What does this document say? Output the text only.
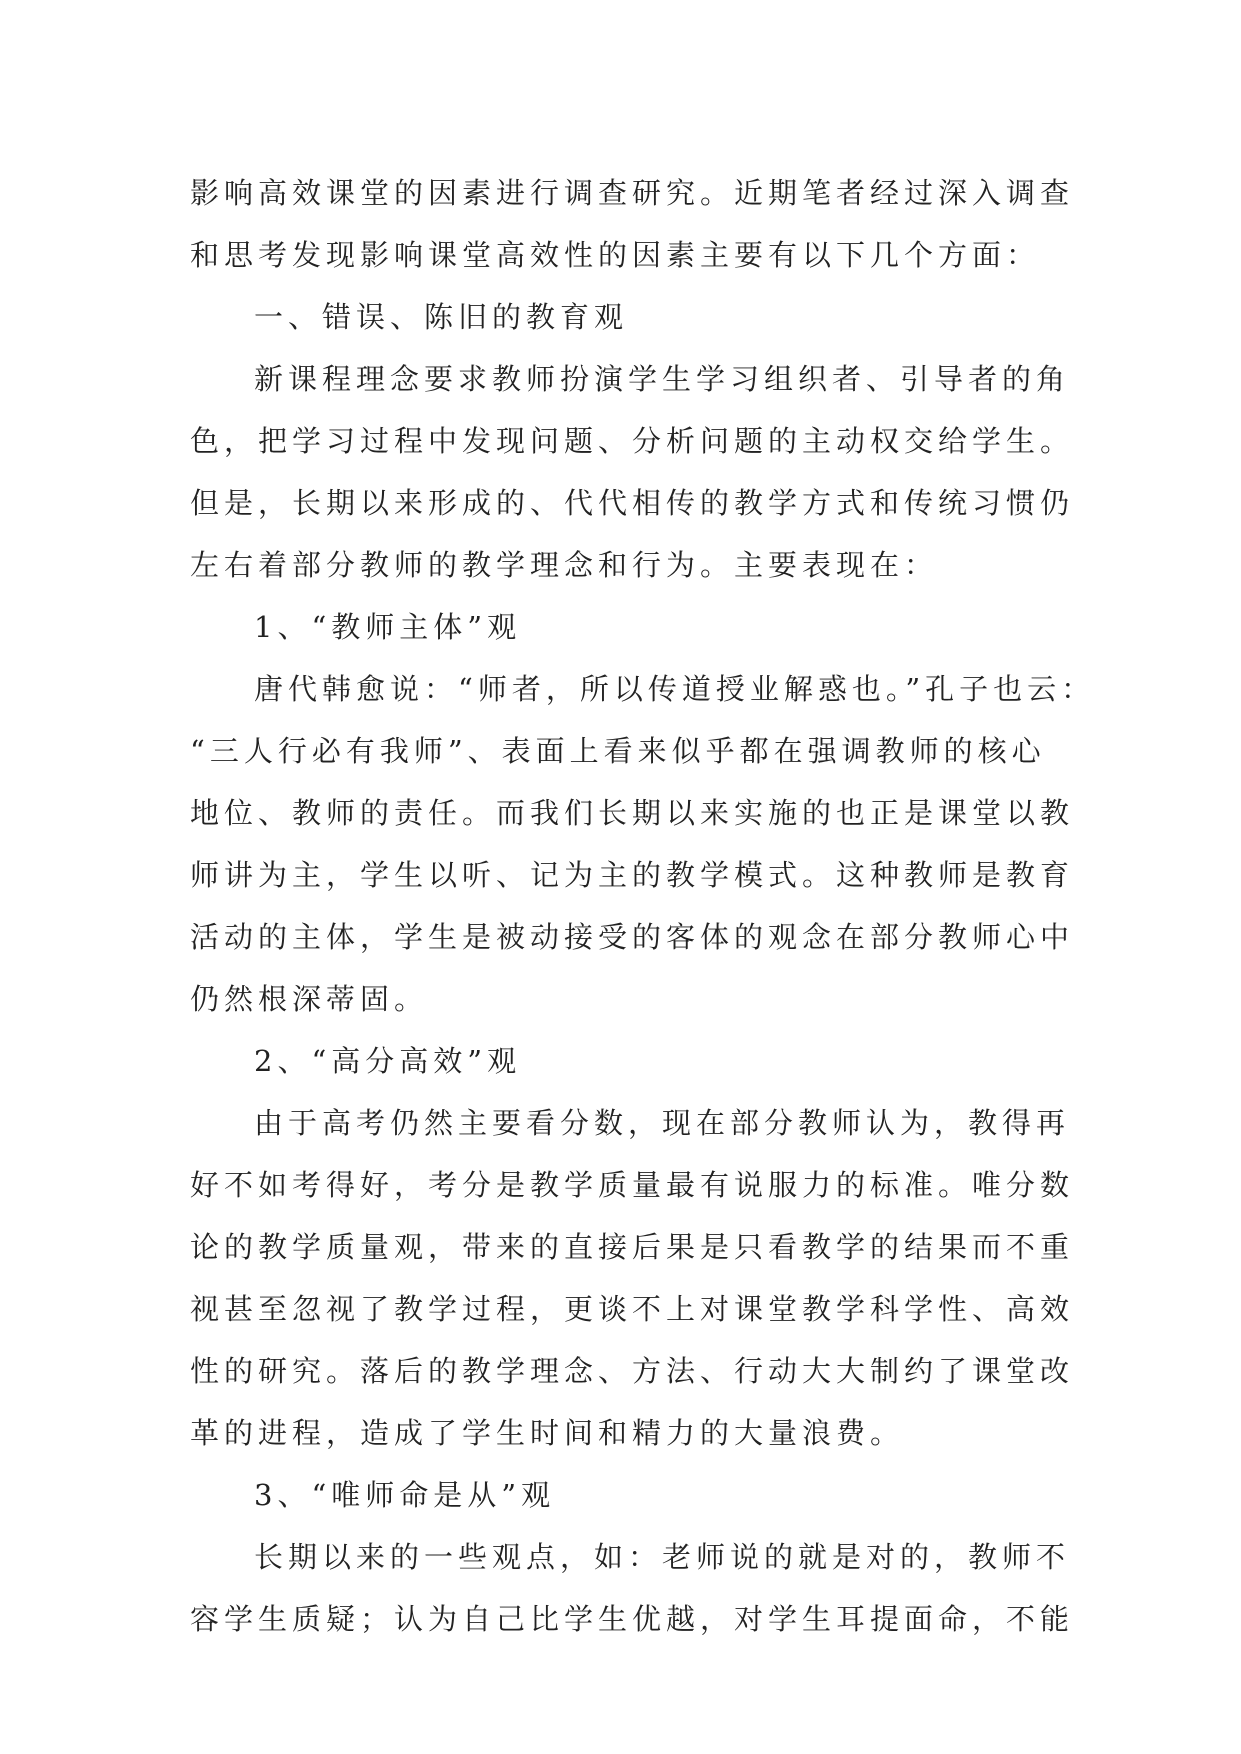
影响高效课堂的因素进行调查研究。近期笔者经过深入调查
和思考发现影响课堂高效性的因素主要有以下几个方面：
一、错误、陈旧的教育观
新课程理念要求教师扮演学生学习组织者、引导者的角
色，把学习过程中发现问题、分析问题的主动权交给学生。
但是，长期以来形成的、代代相传的教学方式和传统习惯仍
左右着部分教师的教学理念和行为。主要表现在：
1、“教师主体”观
唐代韩愈说：“师者，所以传道授业解惑也。”孔子也云：
“三人行必有我师”、表面上看来似乎都在强调教师的核心
地位、教师的责任。而我们长期以来实施的也正是课堂以教
师讲为主，学生以听、记为主的教学模式。这种教师是教育
活动的主体，学生是被动接受的客体的观念在部分教师心中
仍然根深蒂固。
2、“高分高效”观
由于高考仍然主要看分数，现在部分教师认为，教得再
好不如考得好，考分是教学质量最有说服力的标准。唯分数
论的教学质量观，带来的直接后果是只看教学的结果而不重
视甚至忽视了教学过程，更谈不上对课堂教学科学性、高效
性的研究。落后的教学理念、方法、行动大大制约了课堂改
革的进程，造成了学生时间和精力的大量浪费。
3、“唯师命是从”观
长期以来的一些观点，如：老师说的就是对的，教师不
容学生质疑；认为自己比学生优越，对学生耳提面命，不能
